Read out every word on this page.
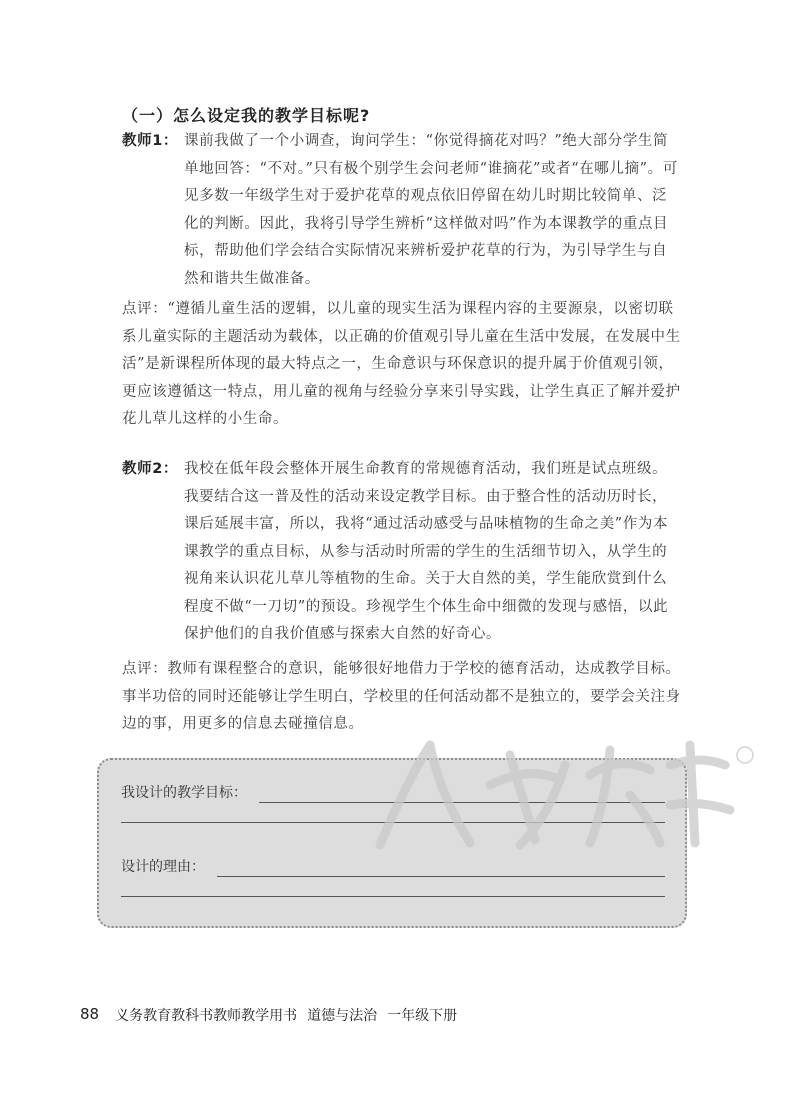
（一）怎么设定我的教学目标呢?
教师1： 课前我做了一个小调查，询问学生：“你觉得摘花对吗？”绝大部分学生简单地回答：“不对。”只有极个别学生会问老师“谁摘花”或者“在哪儿摘”。可见多数一年级学生对于爱护花草的观点依旧停留在幼儿时期比较简单、泛化的判断。因此，我将引导学生辨析“这样做对吗”作为本课教学的重点目标，帮助他们学会结合实际情况来辨析爱护花草的行为，为引导学生与自然和谐共生做准备。
点评：“遵循儿童生活的逻辑，以儿童的现实生活为课程内容的主要源泉，以密切联系儿童实际的主题活动为载体，以正确的价值观引导儿童在生活中发展，在发展中生活”是新课程所体现的最大特点之一，生命意识与环保意识的提升属于价值观引领，更应该遵循这一特点，用儿童的视角与经验分享来引导实践，让学生真正了解并爱护花儿草儿这样的小生命。
教师2： 我校在低年段会整体开展生命教育的常规德育活动，我们班是试点班级。我要结合这一普及性的活动来设定教学目标。由于整合性的活动历时长，课后延展丰富，所以，我将“通过活动感受与品味植物的生命之美”作为本课教学的重点目标，从参与活动时所需的学生的生活细节切入，从学生的视角来认识花儿草儿等植物的生命。关于大自然的美，学生能欣赏到什么程度不做“一刀切”的预设。珍视学生个体生命中细微的发现与感悟，以此保护他们的自我价值感与探索大自然的好奇心。
点评：教师有课程整合的意识，能够很好地借力于学校的德育活动，达成教学目标。事半功倍的同时还能够让学生明白，学校里的任何活动都不是独立的，要学会关注身边的事，用更多的信息去碰撞信息。
我设计的教学目标：
设计的理由：
88 义务教育教科书教师教学用书 道德与法治 一年级下册
